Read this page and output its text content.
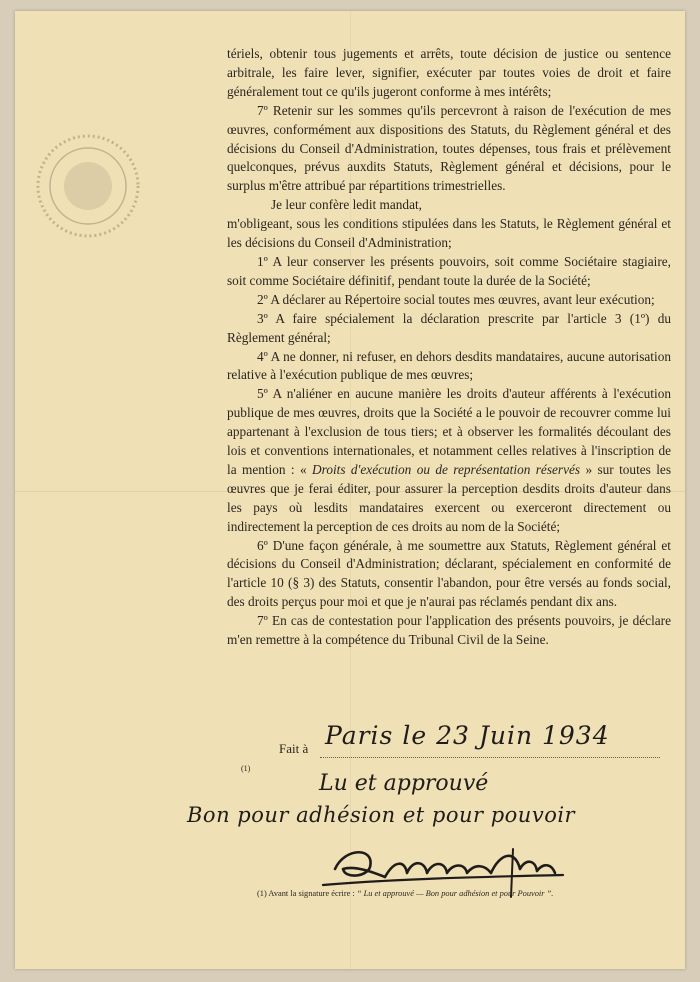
tériels, obtenir tous jugements et arrêts, toute décision de justice ou sentence arbitrale, les faire lever, signifier, exécuter par toutes voies de droit et faire généralement tout ce qu'ils jugeront conforme à mes intérêts;

7º Retenir sur les sommes qu'ils percevront à raison de l'exécution de mes œuvres, conformément aux dispositions des Statuts, du Règlement général et des décisions du Conseil d'Administration, toutes dépenses, tous frais et prélèvement quelconques, prévus auxdits Statuts, Règlement général et décisions, pour le surplus m'être attribué par répartitions trimestrielles.

Je leur confère ledit mandat,

m'obligeant, sous les conditions stipulées dans les Statuts, le Règlement général et les décisions du Conseil d'Administration;

1º A leur conserver les présents pouvoirs, soit comme Sociétaire stagiaire, soit comme Sociétaire définitif, pendant toute la durée de la Société;

2º A déclarer au Répertoire social toutes mes œuvres, avant leur exécution;

3º A faire spécialement la déclaration prescrite par l'article 3 (1º) du Règlement général;

4º A ne donner, ni refuser, en dehors desdits mandataires, aucune autorisation relative à l'exécution publique de mes œuvres;

5º A n'aliéner en aucune manière les droits d'auteur afférents à l'exécution publique de mes œuvres, droits que la Société a le pouvoir de recouvrer comme lui appartenant à l'exclusion de tous tiers; et à observer les formalités découlant des lois et conventions internationales, et notamment celles relatives à l'inscription de la mention : « Droits d'exécution ou de représentation réservés » sur toutes les œuvres que je ferai éditer, pour assurer la perception desdits droits d'auteur dans les pays où lesdits mandataires exercent ou exerceront directement ou indirectement la perception de ces droits au nom de la Société;

6º D'une façon générale, à me soumettre aux Statuts, Règlement général et décisions du Conseil d'Administration; déclarant, spécialement en conformité de l'article 10 (§ 3) des Statuts, consentir l'abandon, pour être versés au fonds social, des droits perçus pour moi et que je n'aurai pas réclamés pendant dix ans.

7º En cas de contestation pour l'application des présents pouvoirs, je déclare m'en remettre à la compétence du Tribunal Civil de la Seine.

(1)
Fait à Paris le 23 Juin 1934
Lu et approuvé
Bon pour adhésion et pour pouvoir
(1) Avant la signature écrire : “ Lu et approuvé — Bon pour adhésion et pour Pouvoir ”.
